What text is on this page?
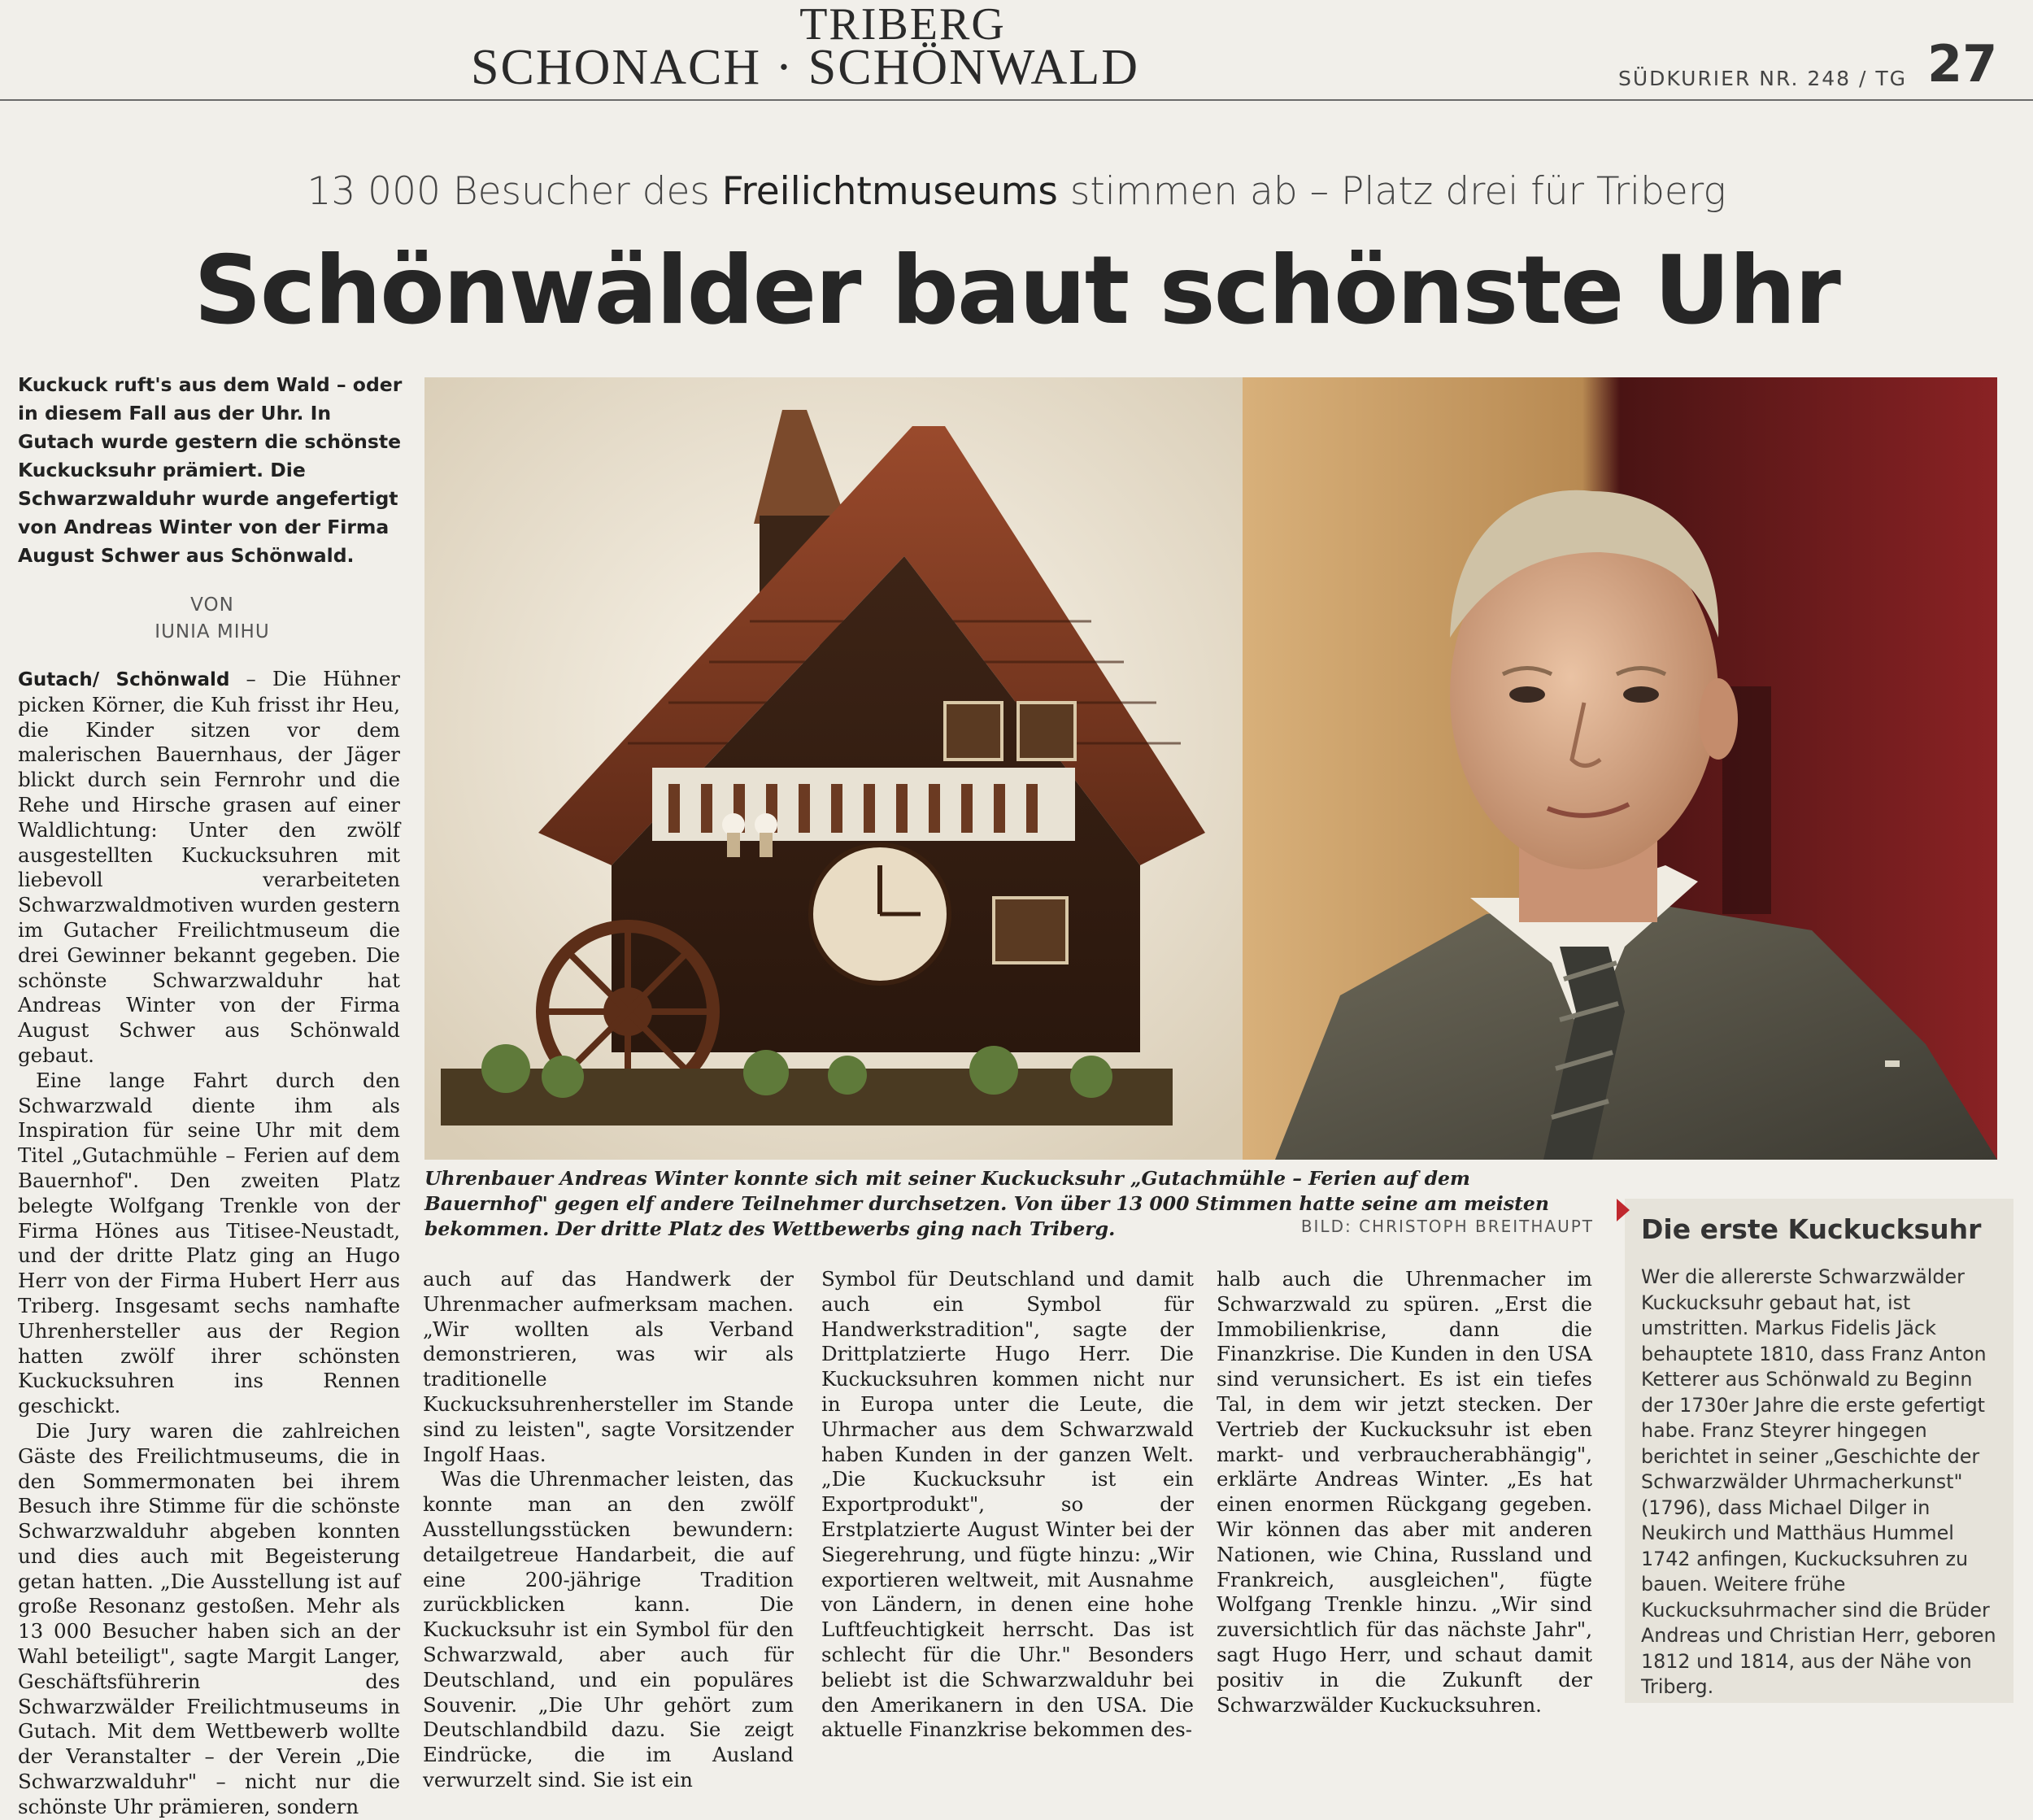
TRIBERG
SCHONACH · SCHÖNWALD	SÜDKURIER NR. 248 / TG 27
13 000 Besucher des Freilichtmuseums stimmen ab – Platz drei für Triberg
Schönwälder baut schönste Uhr
Kuckuck ruft's aus dem Wald – oder in diesem Fall aus der Uhr. In Gutach wurde gestern die schönste Kuckucksuhr prämiert. Die Schwarzwalduhr wurde angefertigt von Andreas Winter von der Firma August Schwer aus Schönwald.
VON
IUNIA MIHU

Gutach/ Schönwald – Die Hühner picken Körner, die Kuh frisst ihr Heu, die Kinder sitzen vor dem malerischen Bauernhaus, der Jäger blickt durch sein Fernrohr und die Rehe und Hirsche grasen auf einer Waldlichtung: Unter den zwölf ausgestellten Kuckucksuhren mit liebevoll verarbeiteten Schwarzwaldmotiven wurden gestern im Gutacher Freilichtmuseum die drei Gewinner bekannt gegeben. Die schönste Schwarzwalduhr hat Andreas Winter von der Firma August Schwer aus Schönwald gebaut.

Eine lange Fahrt durch den Schwarzwald diente ihm als Inspiration für seine Uhr mit dem Titel „Gutachmühle – Ferien auf dem Bauernhof". Den zweiten Platz belegte Wolfgang Trenkle von der Firma Hönes aus Titisee-Neustadt, und der dritte Platz ging an Hugo Herr von der Firma Hubert Herr aus Triberg. Insgesamt sechs namhafte Uhrenhersteller aus der Region hatten zwölf ihrer schönsten Kuckucksuhren ins Rennen geschickt.

Die Jury waren die zahlreichen Gäste des Freilichtmuseums, die in den Sommermonaten bei ihrem Besuch ihre Stimme für die schönste Schwarzwalduhr abgeben konnten und dies auch mit Begeisterung getan hatten. „Die Ausstellung ist auf große Resonanz gestoßen. Mehr als 13 000 Besucher haben sich an der Wahl beteiligt", sagte Margit Langer, Geschäftsführerin des Schwarzwälder Freilichtmuseums in Gutach. Mit dem Wettbewerb wollte der Veranstalter – der Verein „Die Schwarzwalduhr" – nicht nur die schönste Uhr prämieren, sondern

Uhrenbauer Andreas Winter konnte sich mit seiner Kuckucksuhr „Gutachmühle – Ferien auf dem Bauernhof" gegen elf andere Teilnehmer durchsetzen. Von über 13 000 Stimmen hatte seine am meisten bekommen. Der dritte Platz des Wettbewerbs ging nach Triberg.	BILD: CHRISTOPH BREITHAUPT

auch auf das Handwerk der Uhrenmacher aufmerksam machen. „Wir wollten als Verband demonstrieren, was wir als traditionelle Kuckucksuhrenhersteller im Stande sind zu leisten", sagte Vorsitzender Ingolf Haas.

Was die Uhrenmacher leisten, das konnte man an den zwölf Ausstellungsstücken bewundern: detailgetreue Handarbeit, die auf eine 200-jährige Tradition zurückblicken kann. Die Kuckucksuhr ist ein Symbol für den Schwarzwald, aber auch für Deutschland, und ein populäres Souvenir. „Die Uhr gehört zum Deutschlandbild dazu. Sie zeigt Eindrücke, die im Ausland verwurzelt sind. Sie ist ein

Symbol für Deutschland und damit auch ein Symbol für Handwerkstradition", sagte der Drittplatzierte Hugo Herr. Die Kuckucksuhren kommen nicht nur in Europa unter die Leute, die Uhrmacher aus dem Schwarzwald haben Kunden in der ganzen Welt. „Die Kuckucksuhr ist ein Exportprodukt", so der Erstplatzierte August Winter bei der Siegerehrung, und fügte hinzu: „Wir exportieren weltweit, mit Ausnahme von Ländern, in denen eine hohe Luftfeuchtigkeit herrscht. Das ist schlecht für die Uhr." Besonders beliebt ist die Schwarzwalduhr bei den Amerikanern in den USA. Die aktuelle Finanzkrise bekommen des-

halb auch die Uhrenmacher im Schwarzwald zu spüren. „Erst die Immobilienkrise, dann die Finanzkrise. Die Kunden in den USA sind verunsichert. Es ist ein tiefes Tal, in dem wir jetzt stecken. Der Vertrieb der Kuckucksuhr ist eben markt- und verbraucherabhängig", erklärte Andreas Winter. „Es hat einen enormen Rückgang gegeben. Wir können das aber mit anderen Nationen, wie China, Russland und Frankreich, ausgleichen", fügte Wolfgang Trenkle hinzu. „Wir sind zuversichtlich für das nächste Jahr", sagt Hugo Herr, und schaut damit positiv in die Zukunft der Schwarzwälder Kuckucksuhren.

Die erste Kuckucksuhr
Wer die allererste Schwarzwälder Kuckucksuhr gebaut hat, ist umstritten. Markus Fidelis Jäck behauptete 1810, dass Franz Anton Ketterer aus Schönwald zu Beginn der 1730er Jahre die erste gefertigt habe. Franz Steyrer hingegen berichtet in seiner „Geschichte der Schwarzwälder Uhrmacherkunst" (1796), dass Michael Dilger in Neukirch und Matthäus Hummel 1742 anfingen, Kuckucksuhren zu bauen. Weitere frühe Kuckucksuhrmacher sind die Brüder Andreas und Christian Herr, geboren 1812 und 1814, aus der Nähe von Triberg.
